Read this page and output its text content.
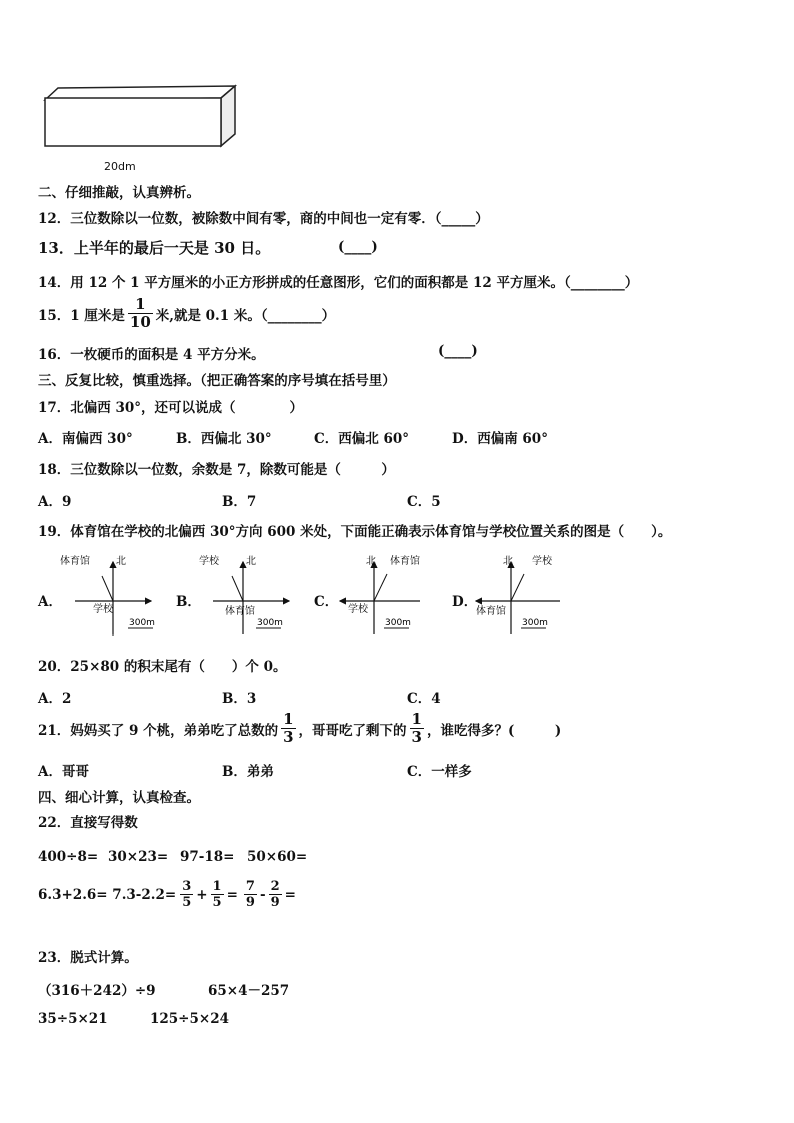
20dm
二、仔细推敲，认真辨析。
12．三位数除以一位数，被除数中间有零，商的中间也一定有零．（_____）
13．上半年的最后一天是 30 日。	(____)
14．用 12 个 1 平方厘米的小正方形拼成的任意图形，它们的面积都是 12 平方厘米。（________）
15．1 厘米是 $\frac{1}{10}$ 米,就是 0.1 米。（________）
16．一枚硬币的面积是 4 平方分米。	(____)
三、反复比较，慎重选择。（把正确答案的序号填在括号里）
17．北偏西 30°，还可以说成（　　　　）
A．南偏西 30°	B．西偏北 30°	C．西偏北 60°	D．西偏南 60°
18．三位数除以一位数，余数是 7，除数可能是（　　　）
A．9	B．7	C．5
19．体育馆在学校的北偏西 30°方向 600 米处，下面能正确表示体育馆与学校位置关系的图是（　　）。
A．
北
体育馆
学校
300m
B．
北
学校
体育馆
300m
C．
北 体育馆
学校
300m
D．
北 学校
体育馆
300m
20．25×80 的积末尾有（　　）个 0。
A．2	B．3	C．4
21．妈妈买了 9 个桃，弟弟吃了总数的 $\frac{1}{3}$ ，哥哥吃了剩下的 $\frac{1}{3}$ ，谁吃得多？(　　　)
A．哥哥	B．弟弟	C．一样多
四、细心计算，认真检查。
22．直接写得数
400÷8= 30×23= 97-18= 50×60=
$6.3+2.6= 7.3-2.2= \frac{3}{5} + \frac{1}{5} = \frac{7}{9} - \frac{2}{9}$ =
23．脱式计算。
（316＋242）÷9	65×4－257
35÷5×21	125÷5×24
